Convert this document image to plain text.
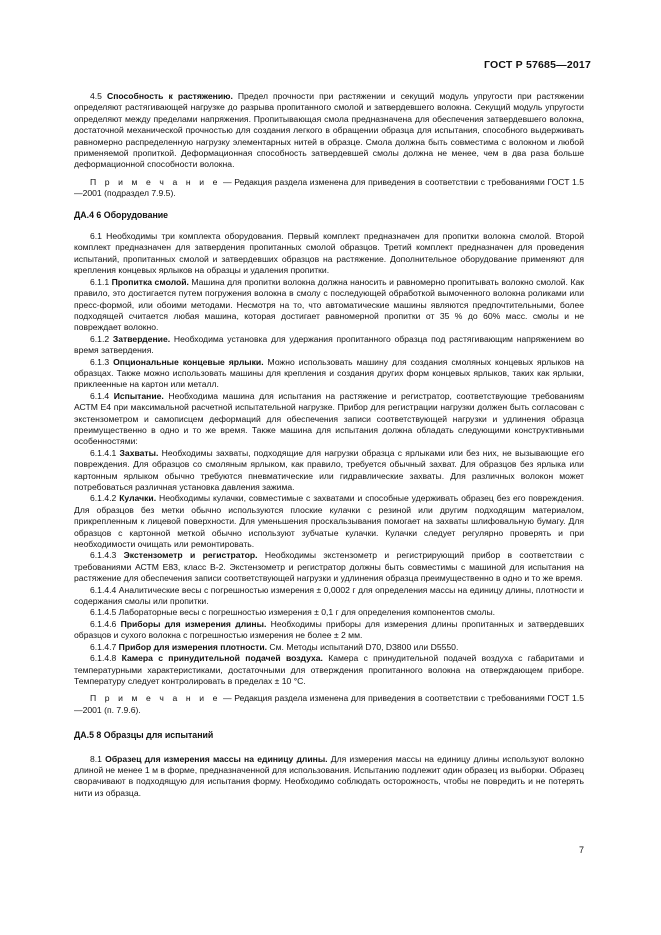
ГОСТ Р 57685—2017

4.5 Способность к растяжению. Предел прочности при растяжении и секущий модуль упругости при растяжении определяют растягивающей нагрузке до разрыва пропитанного смолой и затвердевшего волокна. Секущий модуль упругости определяют между пределами напряжения. Пропитывающая смола предназначена для обеспечения затвердевшего волокна, достаточной механической прочностью для создания легкого в обращении образца для испытания, способного выдерживать равномерно распределенную нагрузку элементарных нитей в образце. Смола должна быть совместима с волокном и любой применяемой пропиткой. Деформационная способность затвердевшей смолы должна не менее, чем в два раза больше деформационной способности волокна.

П р и м е ч а н и е — Редакция раздела изменена для приведения в соответствии с требованиями ГОСТ 1.5—2001 (подраздел 7.9.5).

ДА.4 6 Оборудование

6.1 Необходимы три комплекта оборудования. Первый комплект предназначен для пропитки волокна смолой. Второй комплект предназначен для затвердения пропитанных смолой образцов. Третий комплект предназначен для проведения испытаний, пропитанных смолой и затвердевших образцов на растяжение. Дополнительное оборудование применяют для крепления концевых ярлыков на образцы и удаления пропитки.

6.1.1 Пропитка смолой. Машина для пропитки волокна должна наносить и равномерно пропитывать волокно смолой. Как правило, это достигается путем погружения волокна в смолу с последующей обработкой вымоченного волокна роликами или пресс-формой, или обоими методами. Несмотря на то, что автоматические машины являются предпочтительными, более подходящей считается любая машина, которая достигает равномерной пропитки от 35 % до 60% масс. смолы и не повреждает волокно.

6.1.2 Затвердение. Необходима установка для удержания пропитанного образца под растягивающим напряжением во время затвердения.

6.1.3 Опциональные концевые ярлыки. Можно использовать машину для создания смоляных концевых ярлыков на образцах. Также можно использовать машины для крепления и создания других форм концевых ярлыков, таких как ярлыки, приклеенные на картон или металл.

6.1.4 Испытание. Необходима машина для испытания на растяжение и регистратор, соответствующие требованиям АСТМ Е4 при максимальной расчетной испытательной нагрузке. Прибор для регистрации нагрузки должен быть согласован с экстензометром и самописцем деформаций для обеспечения записи соответствующей нагрузки и удлинения образца преимущественно в одно и то же время. Также машина для испытания должна обладать следующими конструктивными особенностями:

6.1.4.1 Захваты. Необходимы захваты, подходящие для нагрузки образца с ярлыками или без них, не вызывающие его повреждения. Для образцов со смоляным ярлыком, как правило, требуется обычный захват. Для образцов без ярлыка или картонным ярлыком обычно требуются пневматические или гидравлические захваты. Для различных волокон может потребоваться различная установка давления зажима.

6.1.4.2 Кулачки. Необходимы кулачки, совместимые с захватами и способные удерживать образец без его повреждения. Для образцов без метки обычно используются плоские кулачки с резиной или другим подходящим материалом, прикрепленным к лицевой поверхности. Для уменьшения проскальзывания помогает на захваты шлифовальную бумагу. Для образцов с картонной меткой обычно используют зубчатые кулачки. Кулачки следует регулярно проверять и при необходимости очищать или ремонтировать.

6.1.4.3 Экстензометр и регистратор. Необходимы экстензометр и регистрирующий прибор в соответствии с требованиями АСТМ Е83, класс В-2. Экстензометр и регистратор должны быть совместимы с машиной для испытания на растяжение для обеспечения записи соответствующей нагрузки и удлинения образца преимущественно в одно и то же время.

6.1.4.4 Аналитические весы с погрешностью измерения ± 0,0002 г для определения массы на единицу длины, плотности и содержания смолы или пропитки.

6.1.4.5 Лабораторные весы с погрешностью измерения ± 0,1 г для определения компонентов смолы.

6.1.4.6 Приборы для измерения длины. Необходимы приборы для измерения длины пропитанных и затвердевших образцов и сухого волокна с погрешностью измерения не более ± 2 мм.

6.1.4.7 Прибор для измерения плотности. См. Методы испытаний D70, D3800 или D5550.

6.1.4.8 Камера с принудительной подачей воздуха. Камера с принудительной подачей воздуха с габаритами и температурными характеристиками, достаточными для отверждения пропитанного волокна на отверждающем приборе. Температуру следует контролировать в пределах ± 10 °С.

П р и м е ч а н и е — Редакция раздела изменена для приведения в соответствии с требованиями ГОСТ 1.5—2001 (п. 7.9.6).

ДА.5 8 Образцы для испытаний

8.1 Образец для измерения массы на единицу длины. Для измерения массы на единицу длины используют волокно длиной не менее 1 м в форме, предназначенной для использования. Испытанию подлежит один образец из выборки. Образец сворачивают в подходящую для испытания форму. Необходимо соблюдать осторожность, чтобы не повредить и не потерять нити из образца.

7
